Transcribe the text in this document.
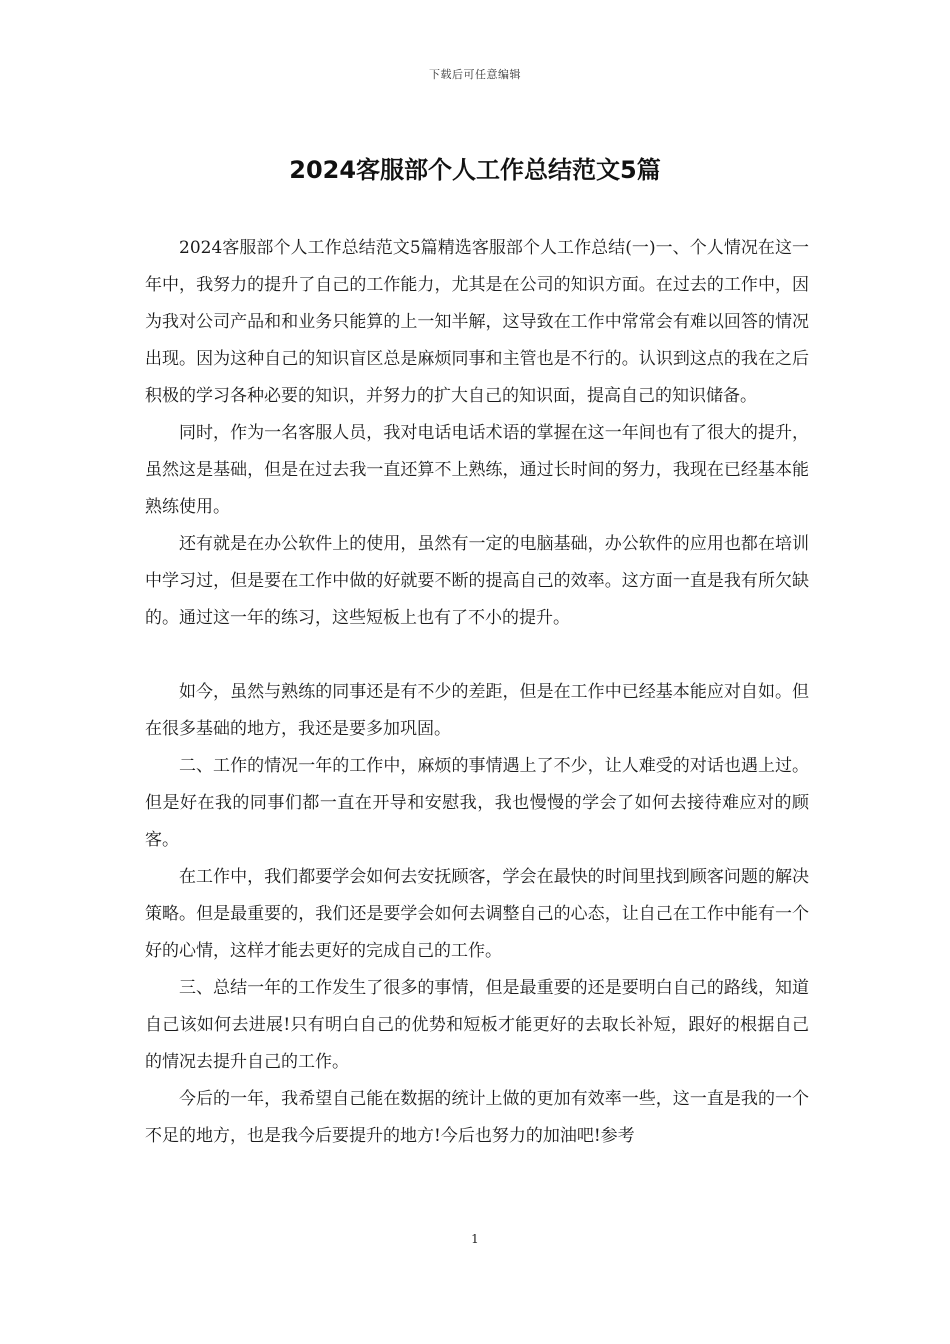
下载后可任意编辑
2024客服部个人工作总结范文5篇

2024客服部个人工作总结范文5篇精选客服部个人工作总结(一)一、个人情况在这一年中，我努力的提升了自己的工作能力，尤其是在公司的知识方面。在过去的工作中，因为我对公司产品和和业务只能算的上一知半解，这导致在工作中常常会有难以回答的情况出现。因为这种自己的知识盲区总是麻烦同事和主管也是不行的。认识到这点的我在之后积极的学习各种必要的知识，并努力的扩大自己的知识面，提高自己的知识储备。

同时，作为一名客服人员，我对电话电话术语的掌握在这一年间也有了很大的提升，虽然这是基础，但是在过去我一直还算不上熟练，通过长时间的努力，我现在已经基本能熟练使用。

还有就是在办公软件上的使用，虽然有一定的电脑基础，办公软件的应用也都在培训中学习过，但是要在工作中做的好就要不断的提高自己的效率。这方面一直是我有所欠缺的。通过这一年的练习，这些短板上也有了不小的提升。

如今，虽然与熟练的同事还是有不少的差距，但是在工作中已经基本能应对自如。但在很多基础的地方，我还是要多加巩固。

二、工作的情况一年的工作中，麻烦的事情遇上了不少，让人难受的对话也遇上过。但是好在我的同事们都一直在开导和安慰我，我也慢慢的学会了如何去接待难应对的顾客。

在工作中，我们都要学会如何去安抚顾客，学会在最快的时间里找到顾客问题的解决策略。但是最重要的，我们还是要学会如何去调整自己的心态，让自己在工作中能有一个好的心情，这样才能去更好的完成自己的工作。

三、总结一年的工作发生了很多的事情，但是最重要的还是要明白自己的路线，知道自己该如何去进展!只有明白自己的优势和短板才能更好的去取长补短，跟好的根据自己的情况去提升自己的工作。

今后的一年，我希望自己能在数据的统计上做的更加有效率一些，这一直是我的一个不足的地方，也是我今后要提升的地方!今后也努力的加油吧!参考

1
